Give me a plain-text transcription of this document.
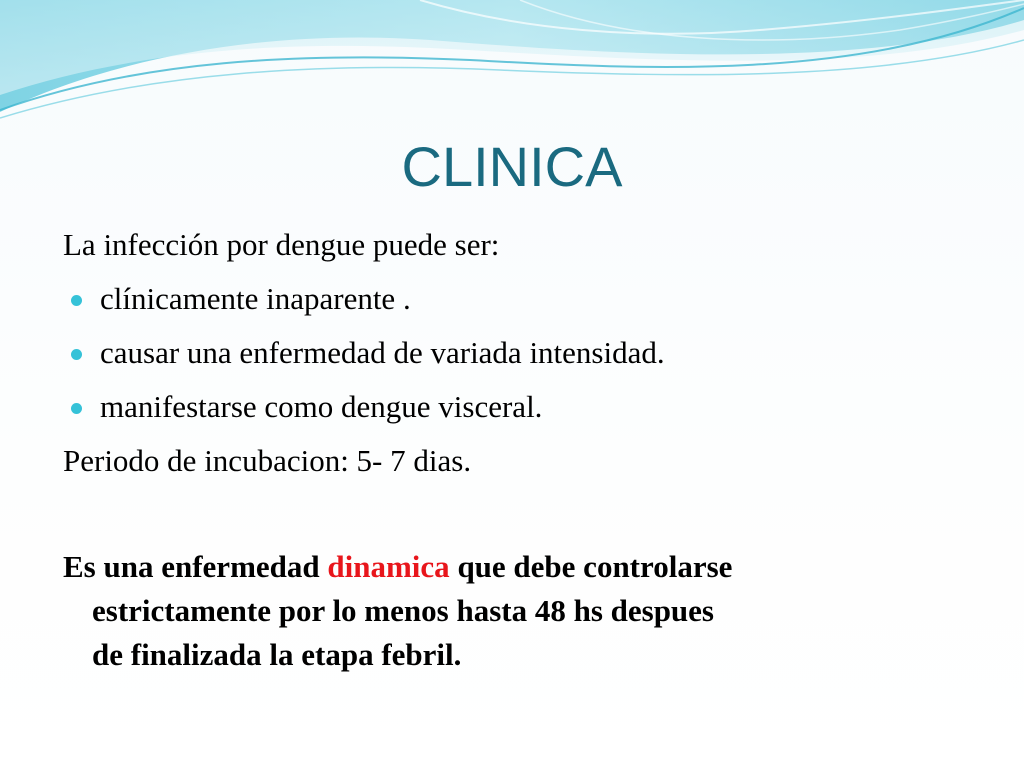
CLINICA
La infección por dengue puede ser:
clínicamente inaparente .
causar una enfermedad de variada intensidad.
manifestarse como dengue visceral.
Periodo de incubacion: 5- 7 dias.
Es una enfermedad dinamica que debe controlarse
estrictamente por lo menos hasta 48 hs despues
de finalizada la etapa febril.
